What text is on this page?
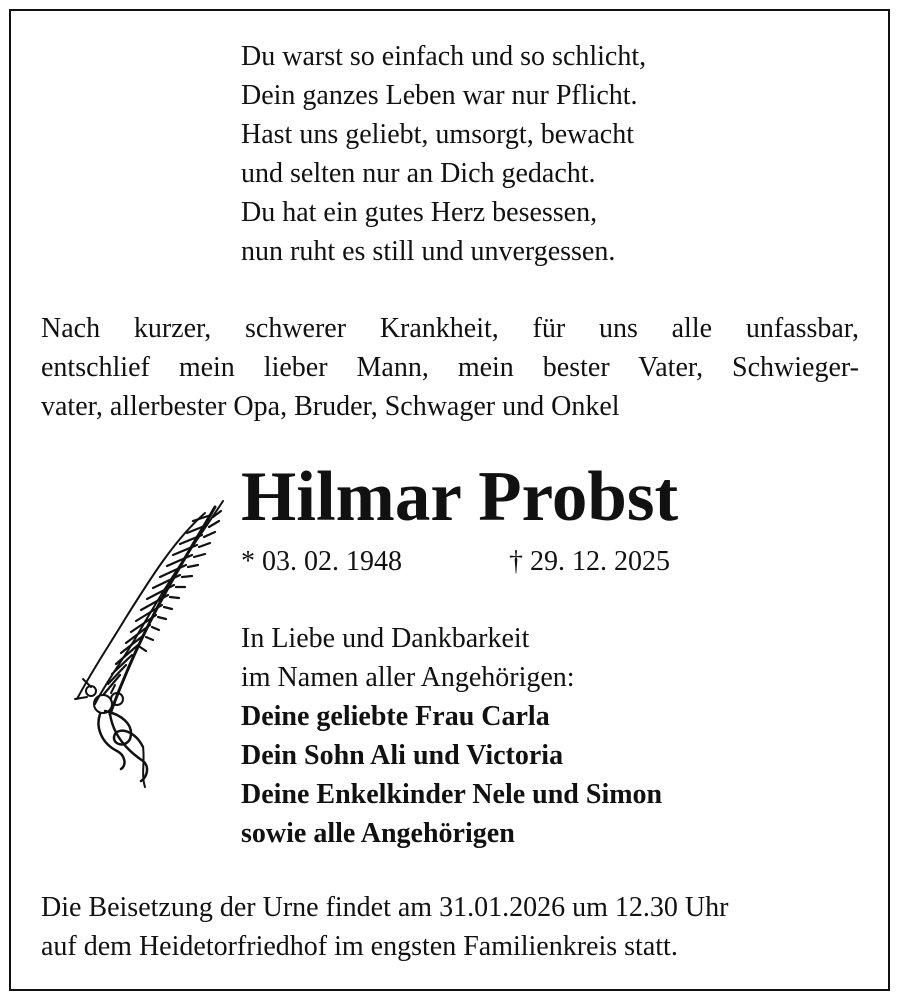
Du warst so einfach und so schlicht,
Dein ganzes Leben war nur Pflicht.
Hast uns geliebt, umsorgt, bewacht
und selten nur an Dich gedacht.
Du hat ein gutes Herz besessen,
nun ruht es still und unvergessen.
Nach kurzer, schwerer Krankheit, für uns alle unfassbar,
entschlief mein lieber Mann, mein bester Vater, Schwieger-
vater, allerbester Opa, Bruder, Schwager und Onkel
Hilmar Probst
* 03. 02. 1948	† 29. 12. 2025
In Liebe und Dankbarkeit
im Namen aller Angehörigen:
Deine geliebte Frau Carla
Dein Sohn Ali und Victoria
Deine Enkelkinder Nele und Simon
sowie alle Angehörigen
Die Beisetzung der Urne findet am 31.01.2026 um 12.30 Uhr
auf dem Heidetorfriedhof im engsten Familienkreis statt.
